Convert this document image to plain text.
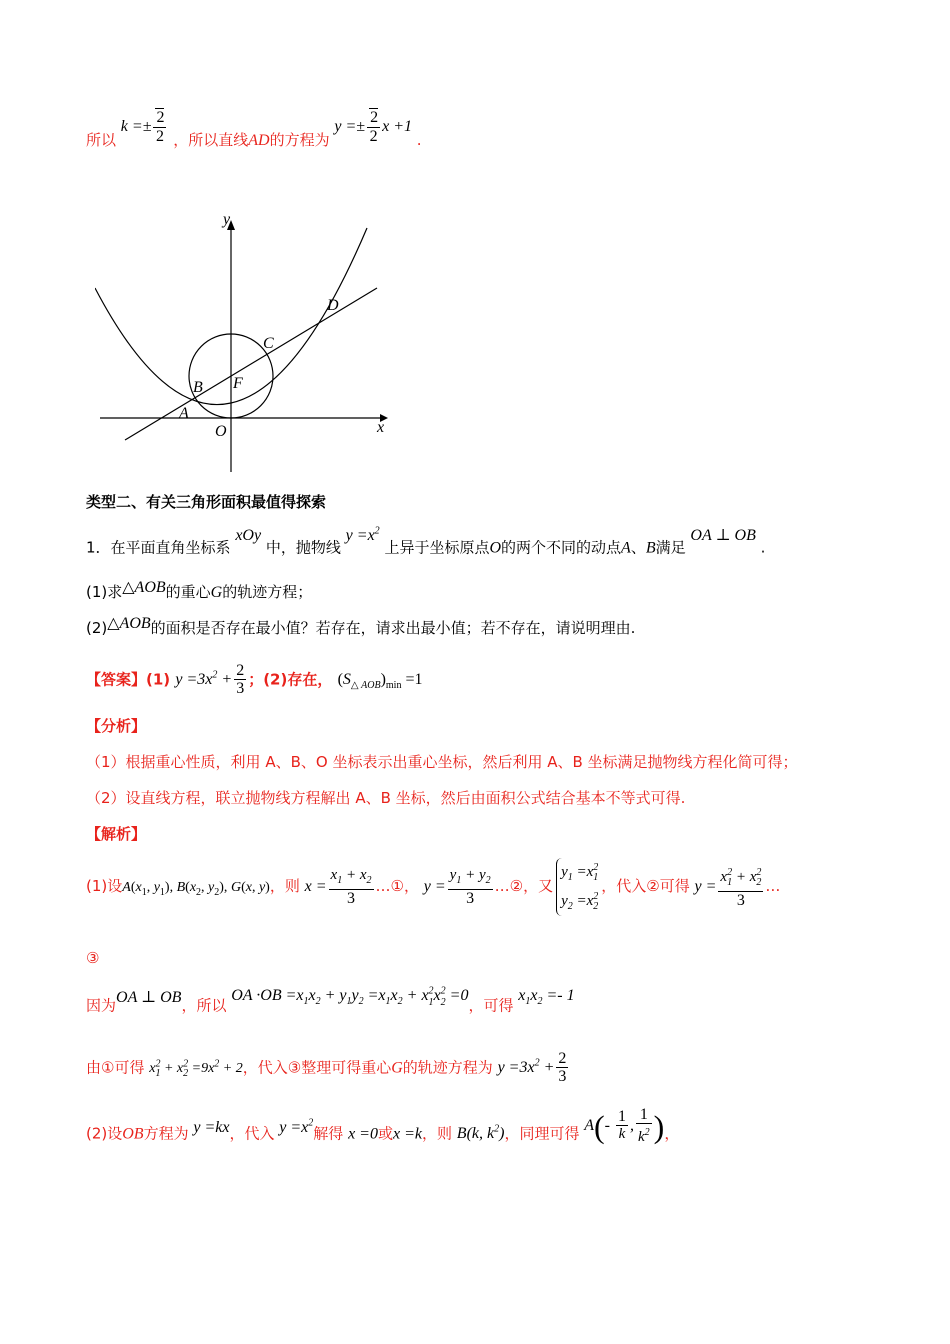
所以 $k =\pm \frac{2}{2}$ ，所以直线AD的方程为 $y =\pm \frac{2}{2}$ x +1 .
y
x
O
A
B
C
D
F
类型二、有关三角形面积最值得探索
1．在平面直角坐标系 xOy 中，抛物线 $y =x^2$ 上异于坐标原点O的两个不同的动点A、B满足 OA ⊥ OB .
(1)求△AOB的重心G的轨迹方程；
(2)△AOB的面积是否存在最小值？若存在，请求出最小值；若不存在，请说明理由.
【答案】(1) $y =3x^2 + \frac{2}{3}$ ；(2)存在， $(S_{\triangle AOB})_{min} =1$
【分析】
（1）根据重心性质，利用 A、B、O 坐标表示出重心坐标，然后利用 A、B 坐标满足抛物线方程化简可得；
（2）设直线方程，联立抛物线方程解出 A、B 坐标，然后由面积公式结合基本不等式可得.
【解析】
(1)设$A(x_1$, $y_1$), $B(x_2$, $y_2$), G(x, y)，则 $x = \frac{x_1 + x_2}{3}$ …①， $y = \frac{y_1 + y_2}{3}$ …②，又$y_1 =x^2_1$
$y_2 =x^2_2$，代入②可得 $y = \frac{x^2_1 + x^2_2}{3}$ …
③
因为OA ⊥ OB，所以 OA $\cdot OB =x_1x_2 + y_1y_2 =x_1x_2 + x^2_1x^2_2 =0$，可得 $x_1x_2 =- 1$
由①可得 $x^2_1 + x^2_2 =9x^2 + 2$，代入③整理可得重心G的轨迹方程为 $y =3x^2 + \frac{2}{3}$
(2)设OB方程为 y =kx，代入 $y =x^2$解得 x =0或x =k，则 B(k, $k^2$)，同理可得 $A(- \frac{1}{k}$ , $\frac{1}{k^2}$ )，
